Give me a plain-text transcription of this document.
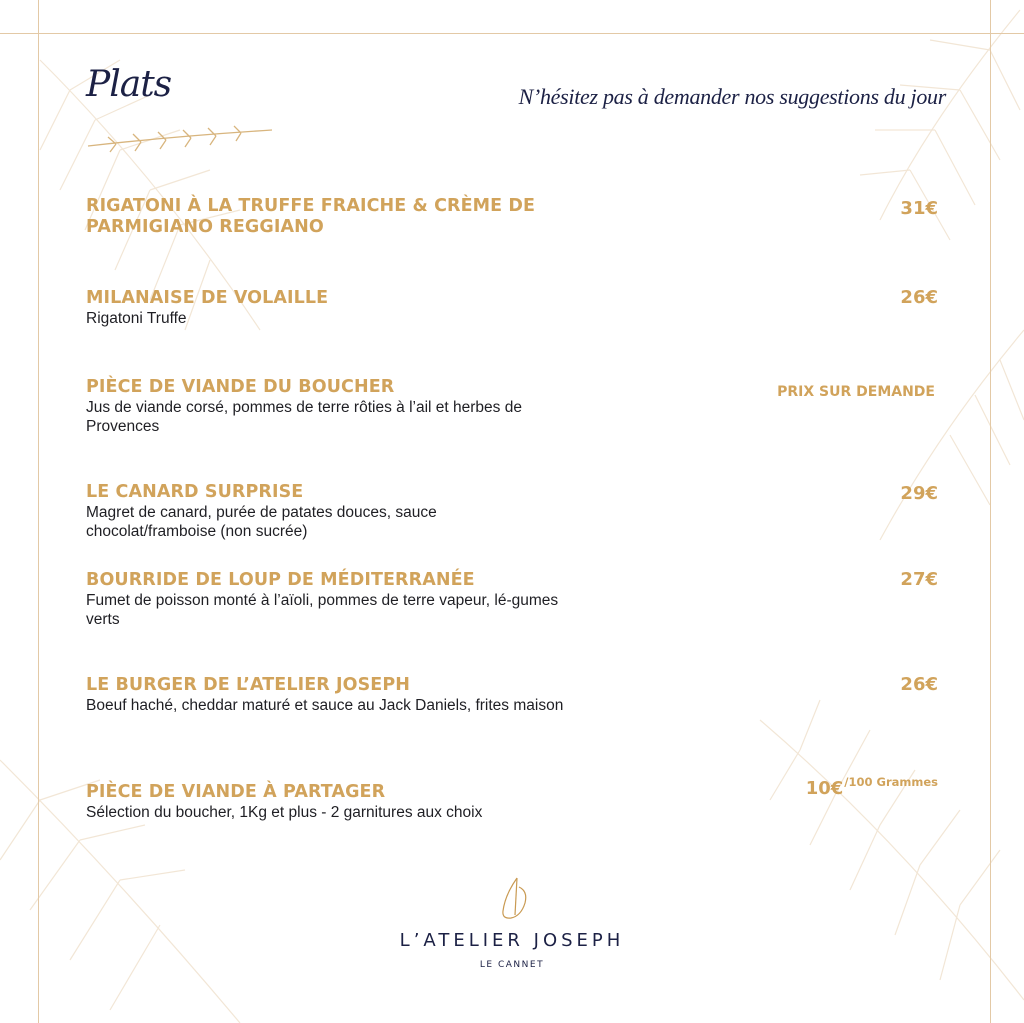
Plats	N’hésitez pas à demander nos suggestions du jour
RIGATONI À LA TRUFFE FRAICHE & CRÈME DE PARMIGIANO REGGIANO
31€
MILANAISE DE VOLAILLE
Rigatoni Truffe
26€
PIÈCE DE VIANDE DU BOUCHER
Jus de viande corsé, pommes de terre rôties à l’ail et herbes de Provences
PRIX SUR DEMANDE
LE CANARD SURPRISE
Magret de canard, purée de patates douces, sauce chocolat/framboise (non sucrée)
29€
BOURRIDE DE LOUP DE MÉDITERRANÉE
Fumet de poisson monté à l’aïoli, pommes de terre vapeur, lé-gumes verts
27€
LE BURGER DE L’ATELIER JOSEPH
Boeuf haché, cheddar maturé et sauce au Jack Daniels, frites maison
26€
PIÈCE DE VIANDE À PARTAGER
Sélection du boucher, 1Kg et plus - 2 garnitures aux choix
10€$^{/100 Grammes}$
L’ATELIER JOSEPH
LE CANNET
